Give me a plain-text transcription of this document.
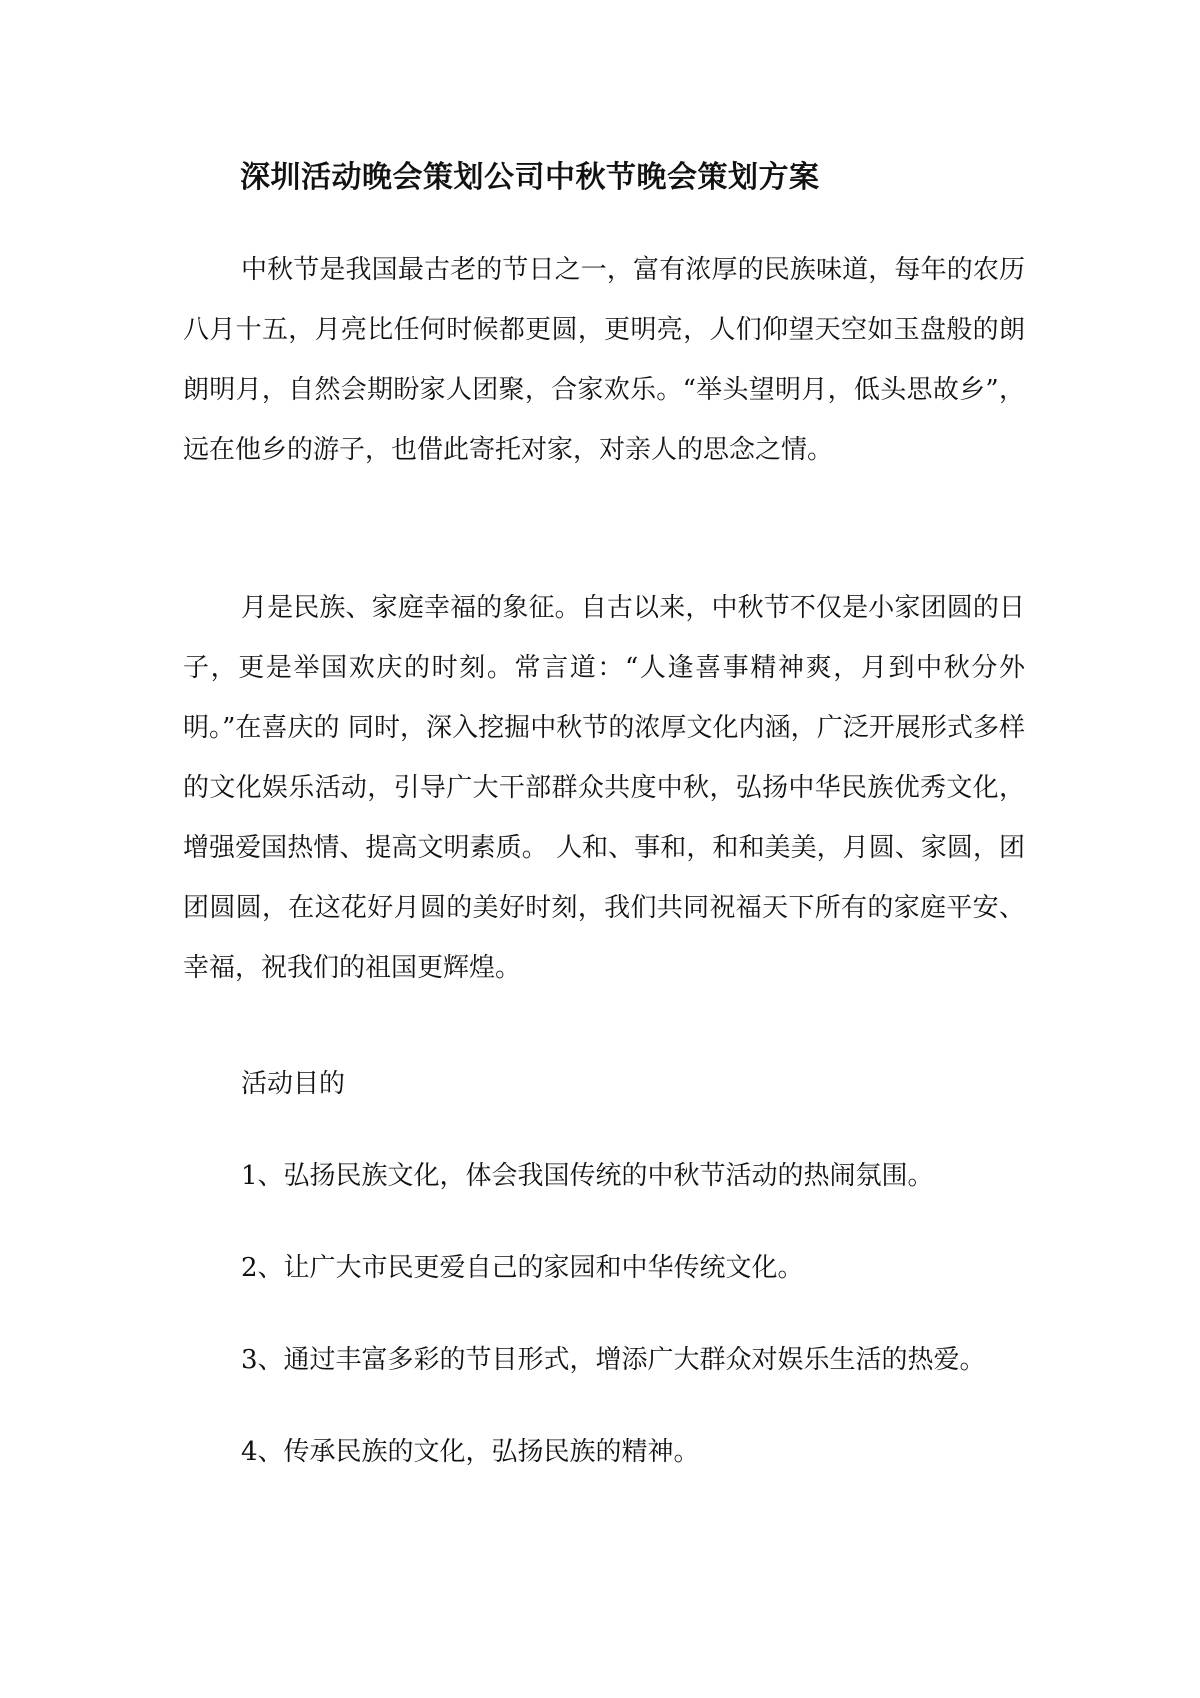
深圳活动晚会策划公司中秋节晚会策划方案

中秋节是我国最古老的节日之一，富有浓厚的民族味道，每年的农历八月十五，月亮比任何时候都更圆，更明亮，人们仰望天空如玉盘般的朗朗明月，自然会期盼家人团聚，合家欢乐。“举头望明月，低头思故乡”，远在他乡的游子，也借此寄托对家，对亲人的思念之情。

月是民族、家庭幸福的象征。自古以来，中秋节不仅是小家团圆的日子，更是举国欢庆的时刻。常言道：“人逢喜事精神爽，月到中秋分外明。”在喜庆的 同时，深入挖掘中秋节的浓厚文化内涵，广泛开展形式多样的文化娱乐活动，引导广大干部群众共度中秋，弘扬中华民族优秀文化，增强爱国热情、提高文明素质。 人和、事和，和和美美，月圆、家圆，团团圆圆，在这花好月圆的美好时刻，我们共同祝福天下所有的家庭平安、幸福，祝我们的祖国更辉煌。

活动目的

1、弘扬民族文化，体会我国传统的中秋节活动的热闹氛围。

2、让广大市民更爱自己的家园和中华传统文化。

3、通过丰富多彩的节目形式，增添广大群众对娱乐生活的热爱。

4、传承民族的文化，弘扬民族的精神。
